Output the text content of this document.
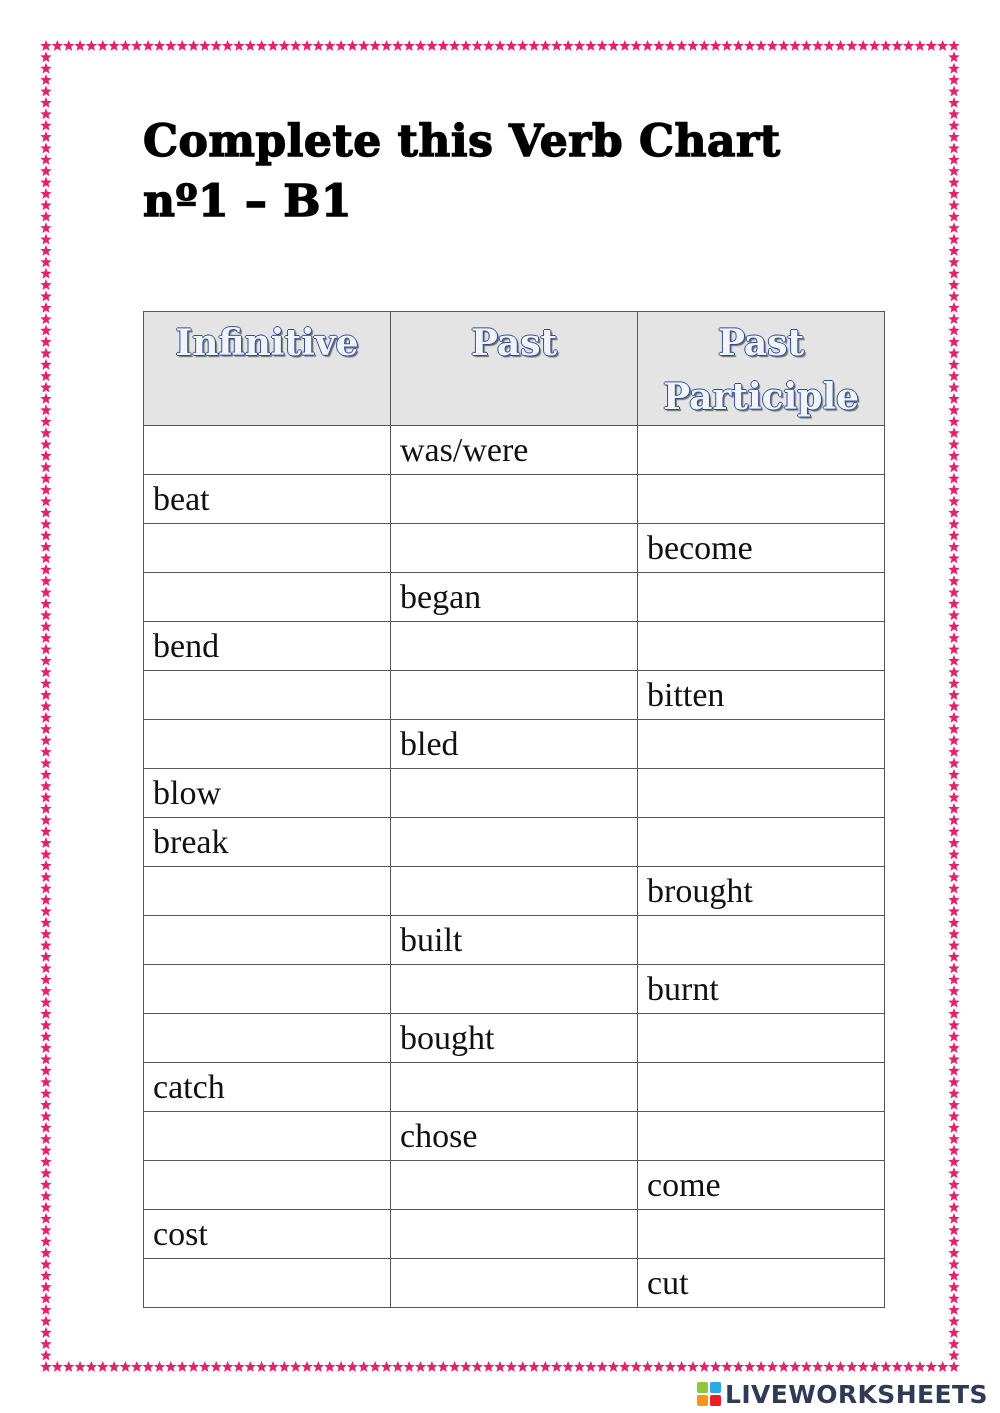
Complete this Verb Chart
nº1 – B1
Infinitive	Past	Past Participle
	was/were	
beat		
		become
	began	
bend		
		bitten
	bled	
blow		
break		
		brought
	built	
		burnt
	bought	
catch		
	chose	
		come
cost		
		cut
LIVEWORKSHEETS
